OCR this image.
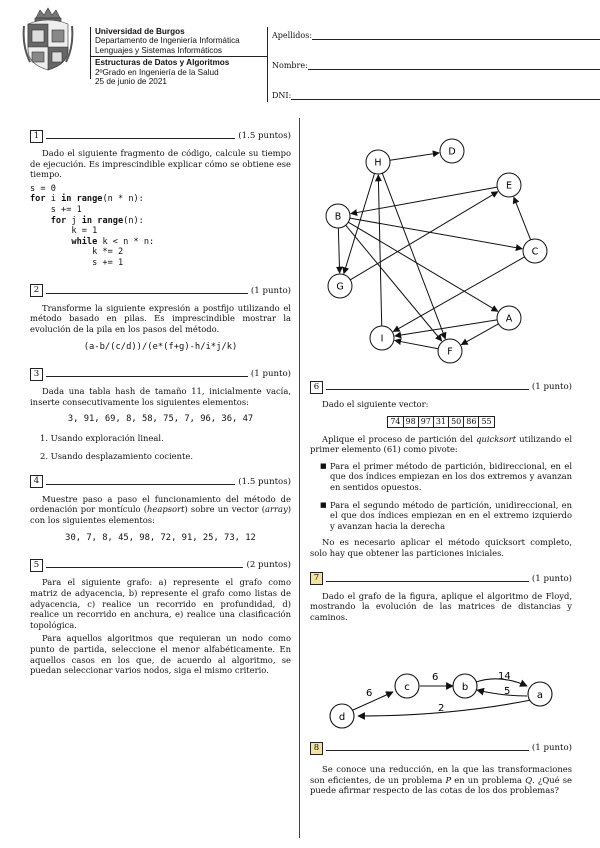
Universidad de Burgos
Departamento de Ingeniería Informática
Lenguajes y Sistemas Informáticos
Estructuras de Datos y Algoritmos
2ºGrado en Ingeniería de la Salud
25 de junio de 2021
Apellidos:
Nombre:
DNI:
1	(1.5 puntos)

Dado el siguiente fragmento de código, calcule su tiempo de ejecución. Es imprescindible explicar cómo se obtiene ese tiempo.

s = 0
for i in range(n * n):
s += 1
for j in range(n):
k = 1
while k < n * n:
k *= 2
s += 1
2	(1 punto)

Transforme la siguiente expresión a postfijo utilizando el método basado en pilas. Es imprescindible mostrar la evolución de la pila en los pasos del método.

(a-b/(c/d))/(e*(f+g)-h/i*j/k)
3	(1 punto)

Dada una tabla hash de tamaño 11, inicialmente vacía, inserte consecutivamente los siguientes elementos:

3, 91, 69, 8, 58, 75, 7, 96, 36, 47
1. Usando exploración lineal.
2. Usando desplazamiento cociente.
4	(1.5 puntos)

Muestre paso a paso el funcionamiento del método de ordenación por montículo (heapsort) sobre un vector (array) con los siguientes elementos:

30, 7, 8, 45, 98, 72, 91, 25, 73, 12
5	(2 puntos)

Para el siguiente grafo: a) represente el grafo como matriz de adyacencia, b) represente el grafo como listas de adyacencia, c) realice un recorrido en profundidad, d) realice un recorrido en anchura, e) realice una clasificación topológica.

Para aquellos algoritmos que requieran un nodo como punto de partida, seleccione el menor alfabéticamente. En aquellos casos en los que, de acuerdo al algoritmo, se puedan seleccionar varios nodos, siga el mismo criterio.

H
D
E
B
C
G
A
I
F
6	(1 punto)
Dado el siguiente vector:
74	98	97	31	50	86	55

Aplique el proceso de partición del quicksort utilizando el primer elemento (61) como pivote:

■ Para el primer método de partición, bidireccional, en el que dos índices empiezan en los dos extremos y avanzan en sentidos opuestos.
■ Para el segundo método de partición, unidireccional, en el que dos índices empiezan en en el extremo izquierdo y avanzan hacia la derecha

No es necesario aplicar el método quicksort completo, solo hay que obtener las particiones iniciales.

7	(1 punto)

Dado el grafo de la figura, aplique el algoritmo de Floyd, mostrando la evolución de las matrices de distancias y caminos.

6
6	14
5
2
d
c	b
a
8	(1 punto)

Se conoce una reducción, en la que las transformaciones son eficientes, de un problema P en un problema Q. ¿Qué se puede afirmar respecto de las cotas de los dos problemas?
